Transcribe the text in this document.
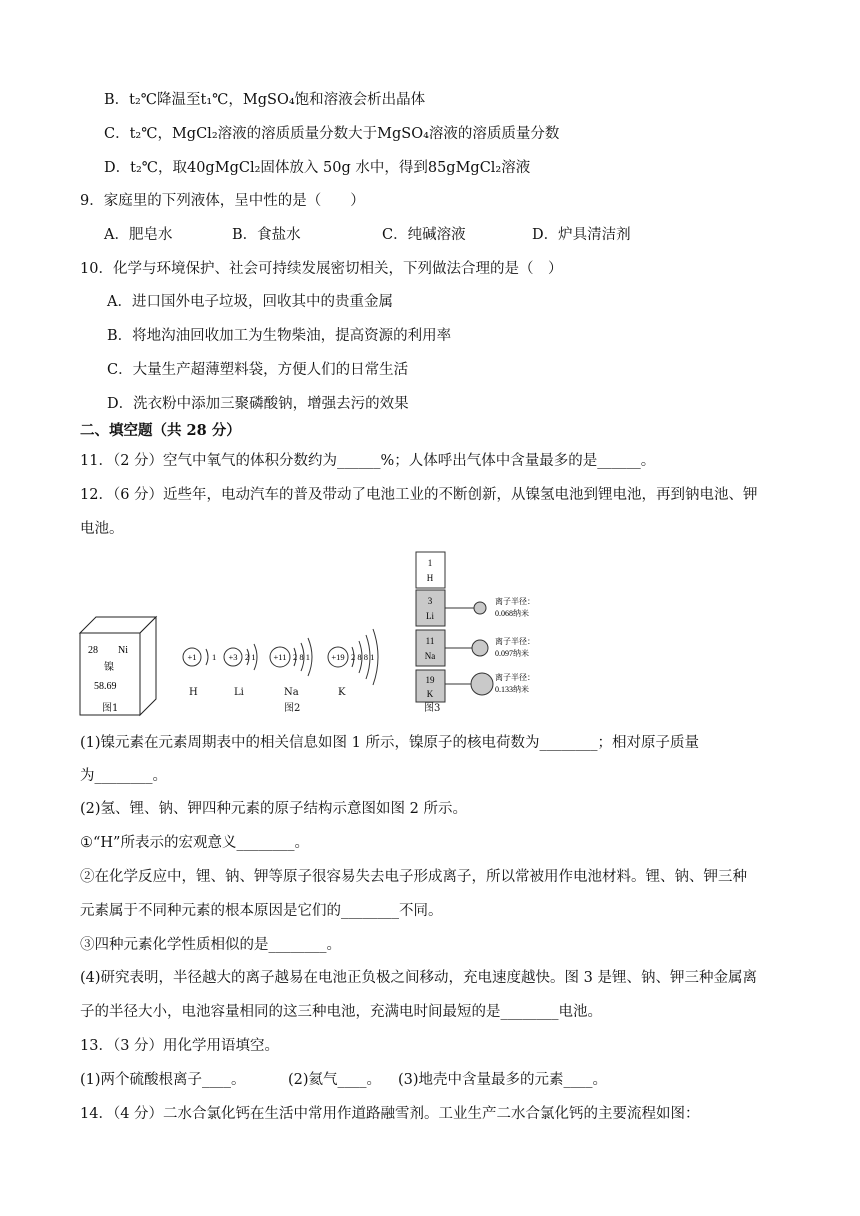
B．t₂℃降温至t₁℃，MgSO₄饱和溶液会析出晶体
C．t₂℃，MgCl₂溶液的溶质质量分数大于MgSO₄溶液的溶质质量分数
D．t₂℃，取40gMgCl₂固体放入 50g 水中，得到85gMgCl₂溶液
9．家庭里的下列液体，呈中性的是（　　）
A．肥皂水	B．食盐水	C．纯碱溶液	D．炉具清洁剂
10．化学与环境保护、社会可持续发展密切相关，下列做法合理的是（　）
A．进口国外电子垃圾，回收其中的贵重金属
B．将地沟油回收加工为生物柴油，提高资源的利用率
C．大量生产超薄塑料袋，方便人们的日常生活
D．洗衣粉中添加三聚磷酸钠，增强去污的效果
二、填空题（共 28 分）
11．（2 分）空气中氧气的体积分数约为______%；人体呼出气体中含量最多的是______。
12．（6 分）近些年，电动汽车的普及带动了电池工业的不断创新，从镍氢电池到锂电池，再到钠电池、钾
电池。
28 Ni
镍
58.69
图1
+1 1 +3 2 1 +11 2 8 1	+19 2 8 8 1
H	Li	Na	K
图2
1
H
3
Li
离子半径：
0.068纳米
11
Na
离子半径：
0.097纳米
19
K
离子半径：
0.133纳米
图3
(1)镍元素在元素周期表中的相关信息如图 1 所示，镍原子的核电荷数为________；相对原子质量
为________。
(2)氢、锂、钠、钾四种元素的原子结构示意图如图 2 所示。
①“H”所表示的宏观意义________。
②在化学反应中，锂、钠、钾等原子很容易失去电子形成离子，所以常被用作电池材料。锂、钠、钾三种
元素属于不同种元素的根本原因是它们的________不同。
③四种元素化学性质相似的是________。
(4)研究表明，半径越大的离子越易在电池正负极之间移动，充电速度越快。图 3 是锂、钠、钾三种金属离
子的半径大小，电池容量相同的这三种电池，充满电时间最短的是________电池。
13．（3 分）用化学用语填空。
(1)两个硫酸根离子____。	(2)氦气____。 (3)地壳中含量最多的元素____。
14．（4 分）二水合氯化钙在生活中常用作道路融雪剂。工业生产二水合氯化钙的主要流程如图：
